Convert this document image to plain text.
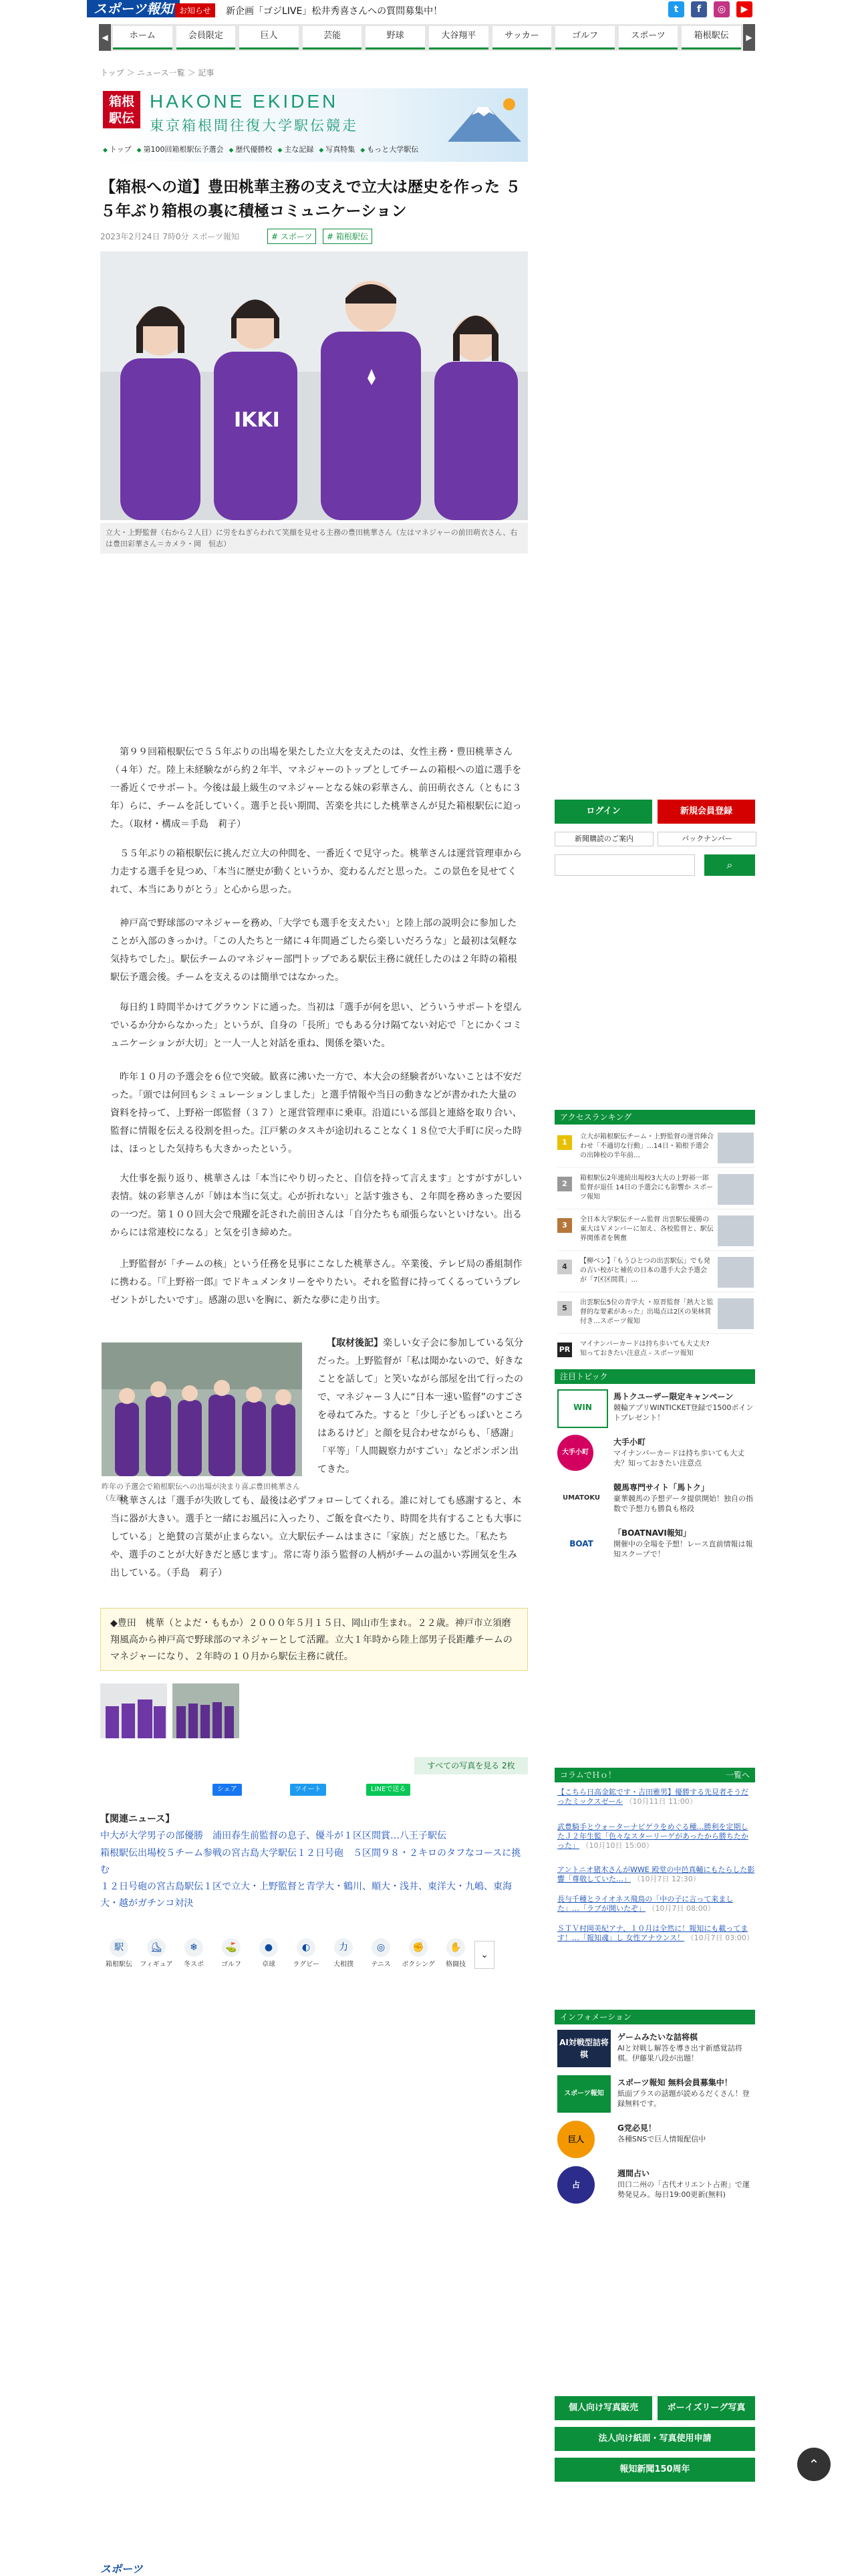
スポーツ報知 お知らせ	新企画「ゴジLIVE」松井秀喜さんへの質問募集中！	t	f	◎	▶
◀	ホーム	会員限定	巨人	芸能	野球	大谷翔平	サッカー	ゴルフ	スポーツ	箱根駅伝	▶
トップ ＞ ニュース一覧 ＞ 記事
箱根駅伝
HAKONE EKIDEN
東京箱根間往復大学駅伝競走
◆ トップ	◆ 第100回箱根駅伝予選会	◆ 歴代優勝校	◆ 主な記録	◆ 写真特集	◆ もっと大学駅伝
【箱根への道】豊田桃華主務の支えで立大は歴史を作った ５５年ぶり箱根の裏に積極コミュニケーション
2023年2月24日 7時0分 スポーツ報知	# スポーツ	# 箱根駅伝
IKKI
立大・上野監督（右から２人目）に労をねぎらわれて笑顔を見せる主務の豊田桃華さん（左はマネジャーの前田萌衣さん、右は豊田彩華さん＝カメラ・岡　恒志）
第９９回箱根駅伝で５５年ぶりの出場を果たした立大を支えたのは、女性主務・豊田桃華さん（４年）だ。陸上未経験ながら約２年半、マネジャーのトップとしてチームの箱根への道に選手を一番近くでサポート。今後は最上級生のマネジャーとなる妹の彩華さん、前田萌衣さん（ともに３年）らに、チームを託していく。選手と長い期間、苦楽を共にした桃華さんが見た箱根駅伝に迫った。（取材・構成＝手島　莉子）
５５年ぶりの箱根駅伝に挑んだ立大の仲間を、一番近くで見守った。桃華さんは運営管理車から力走する選手を見つめ、「本当に歴史が動くというか、変わるんだと思った。この景色を見せてくれて、本当にありがとう」と心から思った。
神戸高で野球部のマネジャーを務め、「大学でも選手を支えたい」と陸上部の説明会に参加したことが入部のきっかけ。「この人たちと一緒に４年間過ごしたら楽しいだろうな」と最初は気軽な気持ちでした」。駅伝チームのマネジャー部門トップである駅伝主務に就任したのは２年時の箱根駅伝予選会後。チームを支えるのは簡単ではなかった。
毎日約１時間半かけてグラウンドに通った。当初は「選手が何を思い、どういうサポートを望んでいるか分からなかった」というが、自身の「長所」でもある分け隔てない対応で「とにかくコミュニケーションが大切」と一人一人と対話を重ね、関係を築いた。
昨年１０月の予選会を６位で突破。歓喜に沸いた一方で、本大会の経験者がいないことは不安だった。「頭では何回もシミュレーションしました」と選手情報や当日の動きなどが書かれた大量の資料を持って、上野裕一郎監督（３７）と運営管理車に乗車。沿道にいる部員と連絡を取り合い、監督に情報を伝える役割を担った。江戸紫のタスキが途切れることなく１８位で大手町に戻った時は、ほっとした気持ちも大きかったという。
大仕事を振り返り、桃華さんは「本当にやり切ったと、自信を持って言えます」とすがすがしい表情。妹の彩華さんが「姉は本当に気丈。心が折れない」と話す強さも、２年間を務めきった要因の一つだ。第１００回大会で飛躍を託された前田さんは「自分たちも頑張らないといけない。出るからには常連校になる」と気を引き締めた。
上野監督が「チームの核」という任務を見事にこなした桃華さん。卒業後、テレビ局の番組制作に携わる。「『上野裕一郎』でドキュメンタリーをやりたい。それを監督に持ってくるっていうプレゼントがしたいです」。感謝の思いを胸に、新たな夢に走り出す。
昨年の予選会で箱根駅伝への出場が決まり喜ぶ豊田桃華さん（左端）
【取材後記】楽しい女子会に参加している気分だった。上野監督が「私は聞かないので、好きなことを話して」と笑いながら部屋を出て行ったので、マネジャー３人に“日本一速い監督”のすごさを尋ねてみた。すると「少し子どもっぽいところはあるけど」と顔を見合わせながらも、「感謝」「平等」「人間観察力がすごい」などポンポン出てきた。
桃華さんは「選手が失敗しても、最後は必ずフォローしてくれる。誰に対しても感謝すると、本当に器が大きい。選手と一緒にお風呂に入ったり、ご飯を食べたり、時間を共有することも大事にしている」と絶賛の言葉が止まらない。立大駅伝チームはまさに「家族」だと感じた。「私たちや、選手のことが大好きだと感じます」。常に寄り添う監督の人柄がチームの温かい雰囲気を生み出している。（手島　莉子）
◆豊田　桃華（とよだ・ももか）２０００年５月１５日、岡山市生まれ。２２歳。神戸市立須磨翔風高から神戸高で野球部のマネジャーとして活躍。立大１年時から陸上部男子長距離チームのマネジャーになり、２年時の１０月から駅伝主務に就任。
すべての写真を見る 2枚
シェア	ツイート	LINEで送る
【関連ニュース】
中大が大学男子の部優勝　浦田春生前監督の息子、優斗が１区区間賞…八王子駅伝
箱根駅伝出場校５チーム参戦の宮古島大学駅伝１２日号砲　５区間９８・２キロのタフなコースに挑む
１２日号砲の宮古島駅伝１区で立大・上野監督と青学大・鶴川、順大・浅井、東洋大・九嶋、東海大・越がガチンコ対決
駅
箱根駅伝
⛸
フィギュア
❄
冬スポ
⛳
ゴルフ
●
卓球
◐
ラグビー
力
大相撲
◎
テニス
✊
ボクシング
✋
格闘技
⌄
ログイン	新規会員登録
新聞購読のご案内	バックナンバー
⌕
アクセスランキング
1
立大が箱根駅伝チーム・上野監督の運営陣合わせ「不適切な行動」…14日・箱根予選会の出陣校の半年前…
2
箱根駅伝2年連続出場校3大大の上野裕一郎監督が退任 14日の予選会にも影響か スポーツ報知
3
全日本大学駅伝チーム監督 出雲駅伝優勝の東大はＶメンバーに加え、各校監督と、駅伝界関係者を興奮
4
【柳ベン】「もうひとつの出雲駅伝」でも発の古い校がと補佐の日本の選手大会予選会 が「7区区間賞」…
5
出雲駅伝5位の青学大 ・原晋監督「熱大と監督的な要素があった」出場点は2区の果林賞付き…スポーツ報知
PR
マイナンバーカードは持ち歩いても大丈夫?知っておきたい注意点 - スポーツ報知
注目トピック
WIN
馬トクユーザー限定キャンペーン
競輪アプリWINTICKET登録で1500ポイントプレゼント！
大手小町
大手小町
マイナンバーカードは持ち歩いても大丈夫？知っておきたい注意点
UMATOKU
競馬専門サイト「馬トク」
豪華競馬の予想データ提供開始！独自の指数で予想力も勝負も格段
BOAT
「BOATNAVI報知」
開催中の全場を予想！レース直前情報は報知スクープで！
コラムでＨｏ！	一覧へ
【こちら日高金鉱です・吉田雅男】優勝する先見者そうだったミックスゼール （10月11日 11:00）
武豊騎手とウォーターナビゲラをめぐる種…勝利を定期したＪ２年生監「色々なスターリーゲがあったから勝ちたかった」 （10月10日 15:00）
アントニオ猪木さんがWWE 殿堂の中邑真輔にもたらした影響「尊敬していた…」 （10月7日 12:30）
長与千種とライオネス飛鳥の「中の子に言って来ました」…「ラブが開いたぞ」 （10月7日 08:00）
ＳＴＶ村岡美紀アナ、１０月は全然に！報知にも載ってます！…「報知魂」し 女性アナウンス！ （10月7日 03:00）
インフォメーション
AI対戦型詰将棋
ゲームみたいな詰将棋
AIと対戦し解答を導き出す新感覚詰将棋。伊藤果八段が出題！
スポーツ報知
スポーツ報知 無料会員募集中！
紙面プラスの話題が読めるだくさん！登録無料です。
巨人
G党必見！
各種SNSで巨人情報配信中
占
週間占い
田口二州の「古代オリエント占術」で運勢発見み。毎日19:00更新(無料)
個人向け写真販売	ボーイズリーグ写真
法人向け紙面・写真使用申請
報知新聞150周年	⌃
スポーツ
